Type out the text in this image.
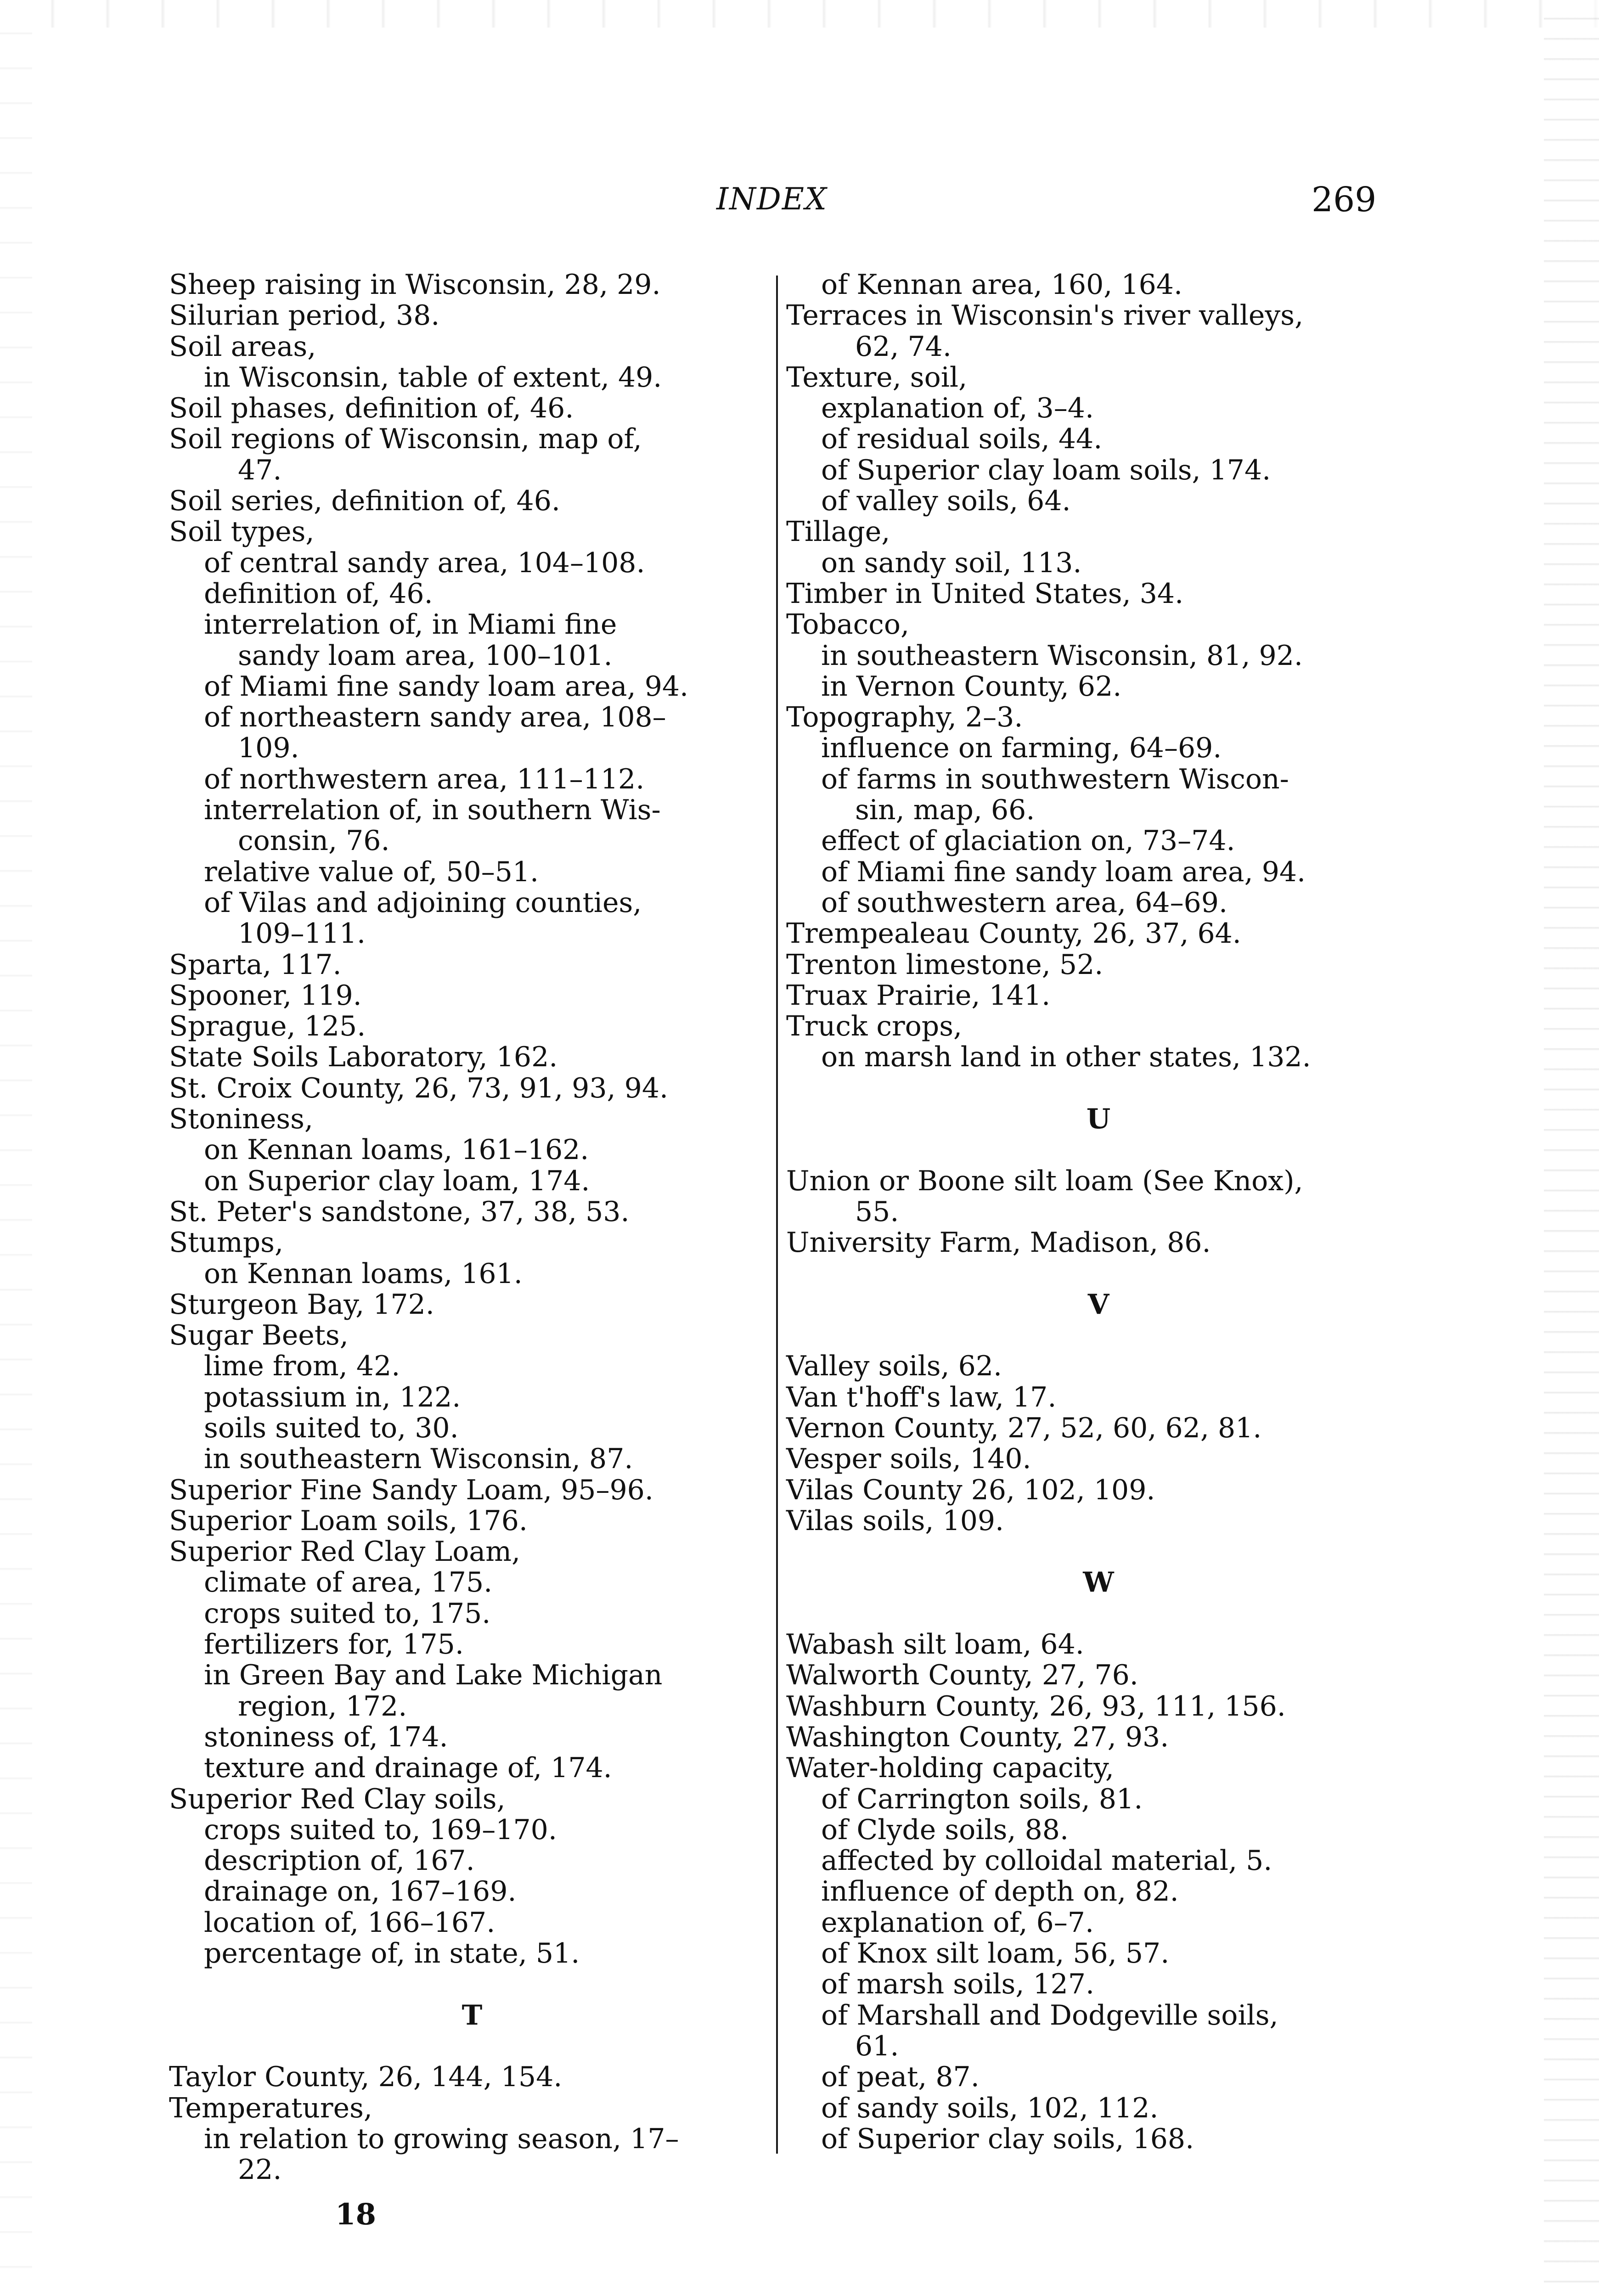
INDEX	269
Sheep raising in Wisconsin, 28, 29.
Silurian period, 38.
Soil areas,
in Wisconsin, table of extent, 49.
Soil phases, definition of, 46.
Soil regions of Wisconsin, map of,
47.
Soil series, definition of, 46.
Soil types,
of central sandy area, 104–108.
definition of, 46.
interrelation of, in Miami fine
sandy loam area, 100–101.
of Miami fine sandy loam area, 94.
of northeastern sandy area, 108–
109.
of northwestern area, 111–112.
interrelation of, in southern Wis-
consin, 76.
relative value of, 50–51.
of Vilas and adjoining counties,
109–111.
Sparta, 117.
Spooner, 119.
Sprague, 125.
State Soils Laboratory, 162.
St. Croix County, 26, 73, 91, 93, 94.
Stoniness,
on Kennan loams, 161–162.
on Superior clay loam, 174.
St. Peter's sandstone, 37, 38, 53.
Stumps,
on Kennan loams, 161.
Sturgeon Bay, 172.
Sugar Beets,
lime from, 42.
potassium in, 122.
soils suited to, 30.
in southeastern Wisconsin, 87.
Superior Fine Sandy Loam, 95–96.
Superior Loam soils, 176.
Superior Red Clay Loam,
climate of area, 175.
crops suited to, 175.
fertilizers for, 175.
in Green Bay and Lake Michigan
region, 172.
stoniness of, 174.
texture and drainage of, 174.
Superior Red Clay soils,
crops suited to, 169–170.
description of, 167.
drainage on, 167–169.
location of, 166–167.
percentage of, in state, 51.
T
Taylor County, 26, 144, 154.
Temperatures,
in relation to growing season, 17–
22.
of Kennan area, 160, 164.
Terraces in Wisconsin's river valleys,
62, 74.
Texture, soil,
explanation of, 3–4.
of residual soils, 44.
of Superior clay loam soils, 174.
of valley soils, 64.
Tillage,
on sandy soil, 113.
Timber in United States, 34.
Tobacco,
in southeastern Wisconsin, 81, 92.
in Vernon County, 62.
Topography, 2–3.
influence on farming, 64–69.
of farms in southwestern Wiscon-
sin, map, 66.
effect of glaciation on, 73–74.
of Miami fine sandy loam area, 94.
of southwestern area, 64–69.
Trempealeau County, 26, 37, 64.
Trenton limestone, 52.
Truax Prairie, 141.
Truck crops,
on marsh land in other states, 132.
U
Union or Boone silt loam (See Knox),
55.
University Farm, Madison, 86.
V
Valley soils, 62.
Van t'hoff's law, 17.
Vernon County, 27, 52, 60, 62, 81.
Vesper soils, 140.
Vilas County 26, 102, 109.
Vilas soils, 109.
W
Wabash silt loam, 64.
Walworth County, 27, 76.
Washburn County, 26, 93, 111, 156.
Washington County, 27, 93.
Water-holding capacity,
of Carrington soils, 81.
of Clyde soils, 88.
affected by colloidal material, 5.
influence of depth on, 82.
explanation of, 6–7.
of Knox silt loam, 56, 57.
of marsh soils, 127.
of Marshall and Dodgeville soils,
61.
of peat, 87.
of sandy soils, 102, 112.
of Superior clay soils, 168.
18
